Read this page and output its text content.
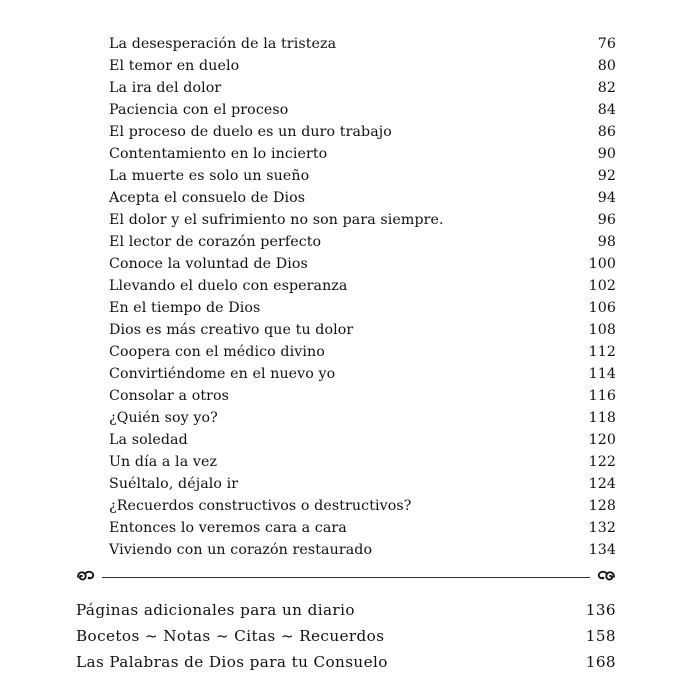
La desesperación de la tristeza	76
El temor en duelo	80
La ira del dolor	82
Paciencia con el proceso	84
El proceso de duelo es un duro trabajo	86
Contentamiento en lo incierto	90
La muerte es solo un sueño	92
Acepta el consuelo de Dios	94
El dolor y el sufrimiento no son para siempre.	96
El lector de corazón perfecto	98
Conoce la voluntad de Dios	100
Llevando el duelo con esperanza	102
En el tiempo de Dios	106
Dios es más creativo que tu dolor	108
Coopera con el médico divino	112
Convirtiéndome en el nuevo yo	114
Consolar a otros	116
¿Quién soy yo?	118
La soledad	120
Un día a la vez	122
Suéltalo, déjalo ir	124
¿Recuerdos constructivos o destructivos?	128
Entonces lo veremos cara a cara	132
Viviendo con un corazón restaurado	134
Páginas adicionales para un diario	136
Bocetos ~ Notas ~ Citas ~ Recuerdos	158
Las Palabras de Dios para tu Consuelo	168
